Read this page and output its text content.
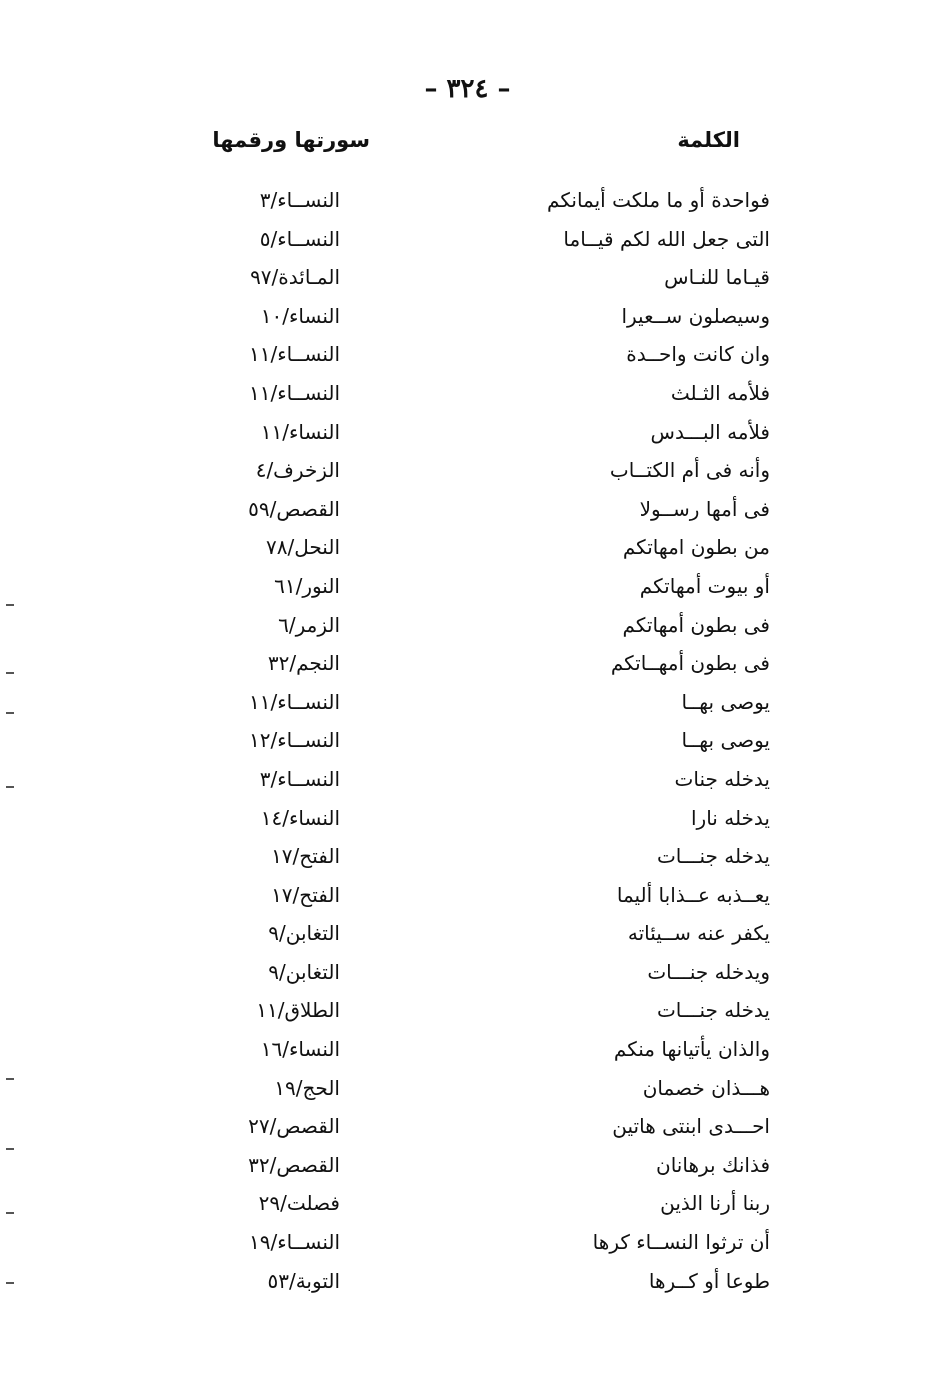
– ٣٢٤ –
الكلمة
سورتها ورقمها
فواحدة أو ما ملكت أيمانكم
النســاء/٣
التى جعل الله لكم قيــاما
النســاء/٥
قيـاما للنـاس
المـائدة/٩٧
وسيصلون ســعيرا
النساء/١٠
وان كانت واحــدة
النســاء/١١
فلأمه الثـلث
النســاء/١١
فلأمه البـــدس
النساء/١١
وأنه فى أم الكتــاب
الزخرف/٤
فى أمها رســولا
القصص/٥٩
من بطون امهاتكم
النحل/٧٨
أو بيوت أمهاتكم
النور/٦١
فى بطون أمهاتكم
الزمر/٦
فى بطون أمهــاتكم
النجم/٣٢
يوصى بهــا
النســاء/١١
يوصى بهــا
النســاء/١٢
يدخله جنات
النســاء/٣
يدخله نارا
النساء/١٤
يدخله جنـــات
الفتح/١٧
يعــذبه عــذابا أليما
الفتح/١٧
يكفر عنه ســيئاته
التغابن/٩
ويدخله جنـــات
التغابن/٩
يدخله جنـــات
الطلاق/١١
والذان يأتيانها منكم
النساء/١٦
هـــذان خصمان
الحج/١٩
احـــدى ابنتى هاتين
القصص/٢٧
فذانك برهانان
القصص/٣٢
ربنا أرنا الذين
فصلت/٢٩
أن ترثوا النســاء كرها
النســاء/١٩
طوعا أو كــرها
التوبة/٥٣
